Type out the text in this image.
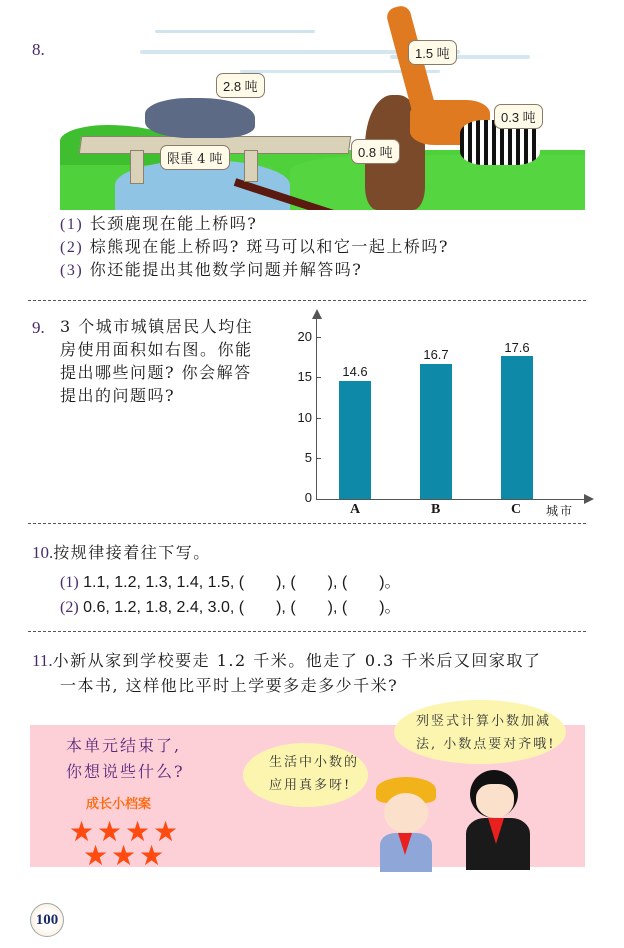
8.
2.8 吨
1.5 吨
0.8 吨
0.3 吨
限重 4 吨
(1) 长颈鹿现在能上桥吗?
(2) 棕熊现在能上桥吗? 斑马可以和它一起上桥吗?
(3) 你还能提出其他数学问题并解答吗?
9. 3 个城市城镇居民人均住
房使用面积如右图。你能
提出哪些问题? 你会解答
提出的问题吗?
20
15
10
5
0
14.6
16.7	17.6
A	B	C 城市
10.按规律接着往下写。
(1) 1.1, 1.2, 1.3, 1.4, 1.5, (　　), (　　), (　　)。
(2) 0.6, 1.2, 1.8, 2.4, 3.0, (　　), (　　), (　　)。
11.小新从家到学校要走 1.2 千米。他走了 0.3 千米后又回家取了
一本书, 这样他比平时上学要多走多少千米?
本单元结束了,
你想说些什么?
成长小档案
★ ★ ★ ★
★ ★ ★
生活中小数的
应用真多呀!
列竖式计算小数加减
法, 小数点要对齐哦!
100
